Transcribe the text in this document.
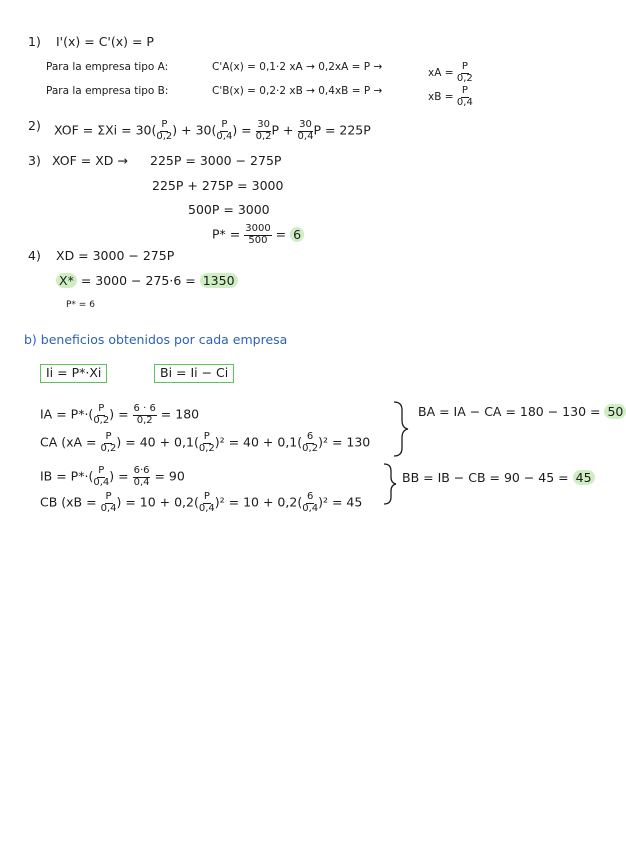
1) I'(x) = C'(x) = P
Para la empresa tipo A:	C'A(x) = 0,1·2 xA → 0,2xA = P →	xA = $\frac{P}{0,2}$
Para la empresa tipo B:	C'B(x) = 0,2·2 xB → 0,4xB = P →	xB = $\frac{P}{0,4}$
2) XOF = $\Sigma Xi = 30( \frac{P}{0,2}$ ) + $30( \frac{P}{0,4}$ ) = $\frac{30}{0,2}$ $P + \frac{30}{0,4}$ P = 225P
3) XOF = XD → 225P = 3000 − 275P
225P + 275P = 3000
500P = 3000
$P* = \frac{3000}{500} = 6$
4) XD = 3000 − 275P
X* = 3000 − 275·6 = 1350
P* = 6
b) beneficios obtenidos por cada empresa
Ii = P*·Xi	Bi = Ii − Ci
IA = $P*\cdot( \frac{P}{0,2}$ ) = $\frac{6 \cdot 6}{0,2} = 180$
CA ($xA = \frac{P}{0,2}$ ) = $40 + 0,1( \frac{P}{0,2} )^2 = 40 + 0,1( \frac{6}{0,2} )^2 = 130$
IB = $P*\cdot( \frac{P}{0,4}$ ) = $\frac{6\cdot 6}{0,4} = 90$
CB ($xB = \frac{P}{0,4}$ ) = $10 + 0,2( \frac{P}{0,4} )^2 = 10 + 0,2( \frac{6}{0,4} )^2 = 45$
BA = IA − CA = 180 − 130 = 50
BB = IB − CB = 90 − 45 = 45
